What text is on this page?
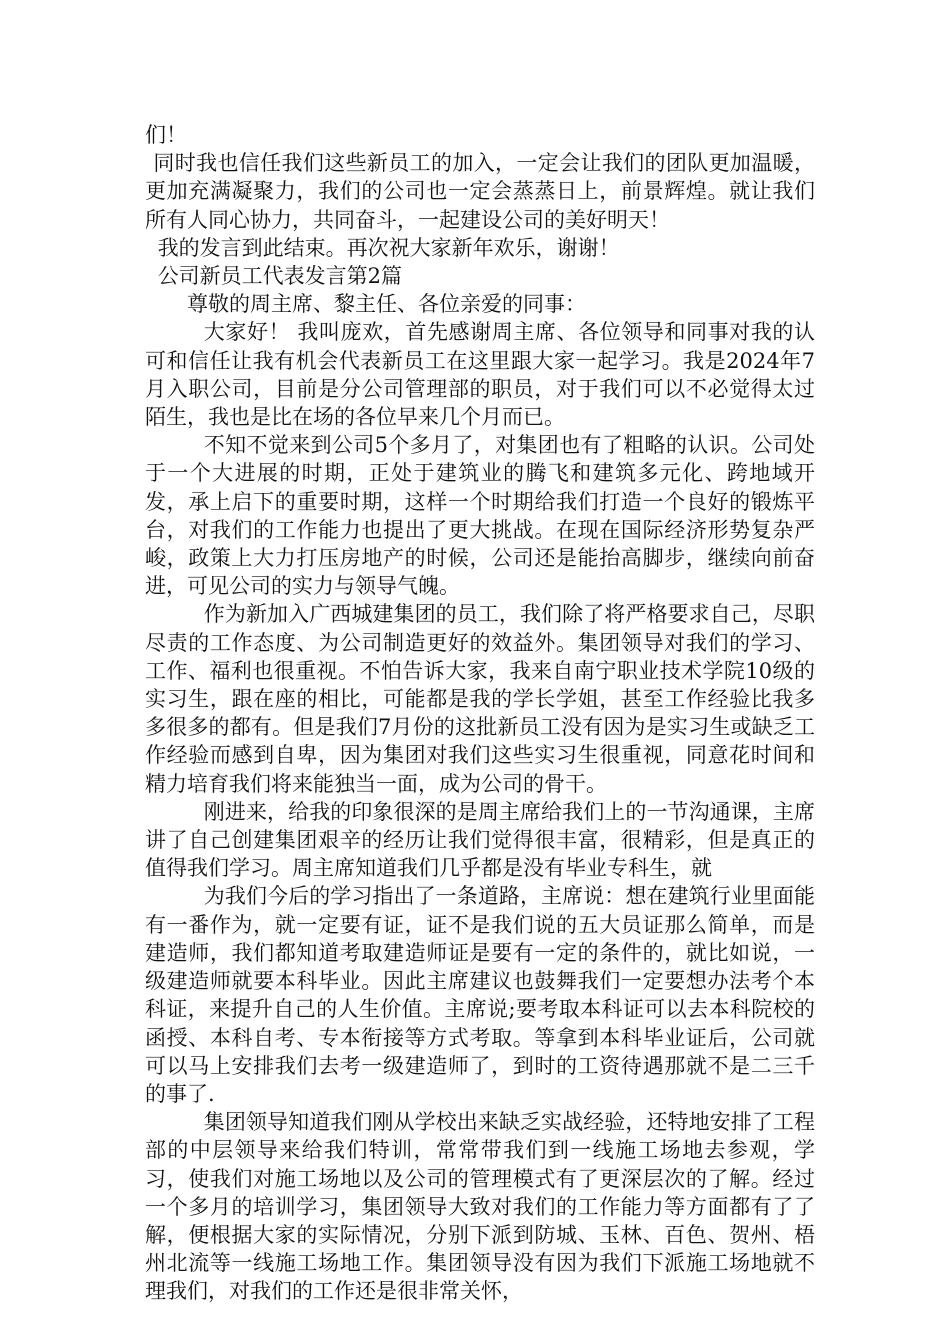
们！

同时我也信任我们这些新员工的加入，一定会让我们的团队更加温暖，更加充满凝聚力，我们的公司也一定会蒸蒸日上，前景辉煌。就让我们所有人同心协力，共同奋斗，一起建设公司的美好明天！

我的发言到此结束。再次祝大家新年欢乐，谢谢！

公司新员工代表发言第2篇

尊敬的周主席、黎主任、各位亲爱的同事：

大家好！ 我叫庞欢，首先感谢周主席、各位领导和同事对我的认可和信任让我有机会代表新员工在这里跟大家一起学习。我是2024年7月入职公司，目前是分公司管理部的职员，对于我们可以不必觉得太过陌生，我也是比在场的各位早来几个月而已。

不知不觉来到公司5个多月了，对集团也有了粗略的认识。公司处于一个大进展的时期，正处于建筑业的腾飞和建筑多元化、跨地域开发，承上启下的重要时期，这样一个时期给我们打造一个良好的锻炼平台，对我们的工作能力也提出了更大挑战。在现在国际经济形势复杂严峻，政策上大力打压房地产的时候，公司还是能抬高脚步，继续向前奋进，可见公司的实力与领导气魄。

作为新加入广西城建集团的员工，我们除了将严格要求自己，尽职尽责的工作态度、为公司制造更好的效益外。集团领导对我们的学习、工作、福利也很重视。不怕告诉大家，我来自南宁职业技术学院10级的实习生，跟在座的相比，可能都是我的学长学姐，甚至工作经验比我多多很多的都有。但是我们7月份的这批新员工没有因为是实习生或缺乏工作经验而感到自卑，因为集团对我们这些实习生很重视，同意花时间和精力培育我们将来能独当一面，成为公司的骨干。

刚进来，给我的印象很深的是周主席给我们上的一节沟通课，主席讲了自己创建集团艰辛的经历让我们觉得很丰富，很精彩，但是真正的值得我们学习。周主席知道我们几乎都是没有毕业专科生，就

为我们今后的学习指出了一条道路，主席说：想在建筑行业里面能有一番作为，就一定要有证，证不是我们说的五大员证那么简单，而是建造师，我们都知道考取建造师证是要有一定的条件的，就比如说，一级建造师就要本科毕业。因此主席建议也鼓舞我们一定要想办法考个本科证，来提升自己的人生价值。主席说;要考取本科证可以去本科院校的函授、本科自考、专本衔接等方式考取。等拿到本科毕业证后，公司就可以马上安排我们去考一级建造师了，到时的工资待遇那就不是二三千的事了.

集团领导知道我们刚从学校出来缺乏实战经验，还特地安排了工程部的中层领导来给我们特训，常常带我们到一线施工场地去参观，学习，使我们对施工场地以及公司的管理模式有了更深层次的了解。经过一个多月的培训学习，集团领导大致对我们的工作能力等方面都有了了解，便根据大家的实际情况，分别下派到防城、玉林、百色、贺州、梧州北流等一线施工场地工作。集团领导没有因为我们下派施工场地就不理我们，对我们的工作还是很非常关怀，
